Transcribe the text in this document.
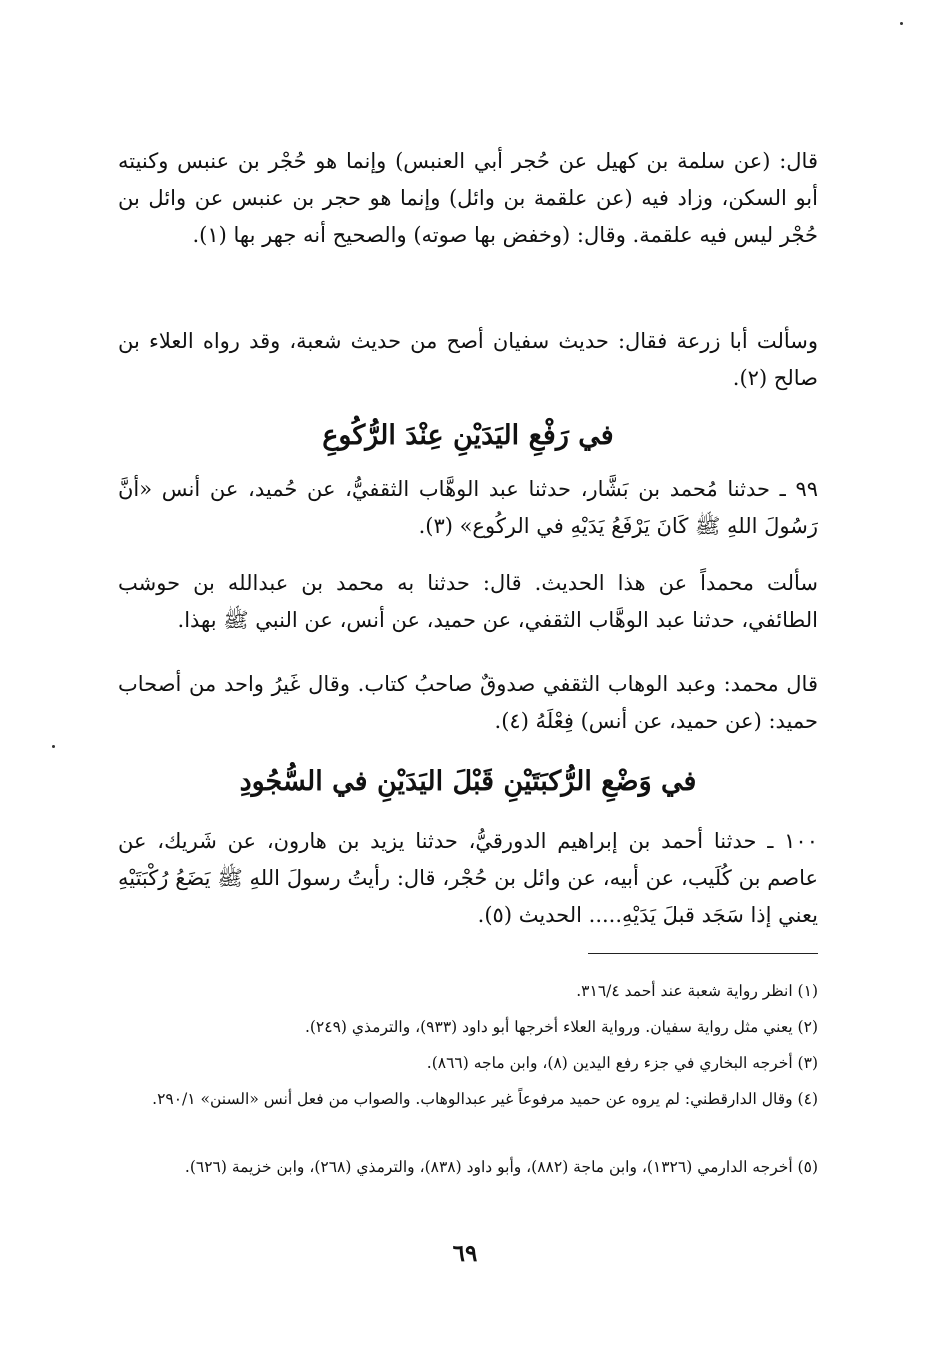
قال: (عن سلمة بن كهيل عن حُجر أبي العنبس) وإنما هو حُجْر بن عنبس وكنيته أبو السكن، وزاد فيه (عن علقمة بن وائل) وإنما هو حجر بن عنبس عن وائل بن حُجْر ليس فيه علقمة. وقال: (وخفض بها صوته) والصحيح أنه جهر بها (١).

وسألت أبا زرعة فقال: حديث سفيان أصح من حديث شعبة، وقد رواه العلاء بن صالح (٢).

في رَفْعِ اليَدَيْنِ عِنْدَ الرُّكُوعِ

٩٩ ـ حدثنا مُحمد بن بَشَّار، حدثنا عبد الوهَّاب الثقفيُّ، عن حُميد، عن أنس «أنَّ رَسُولَ اللهِ ﷺ كَانَ يَرْفَعُ يَدَيْهِ في الركُوع» (٣).

سألت محمداً عن هذا الحديث. قال: حدثنا به محمد بن عبدالله بن حوشب الطائفي، حدثنا عبد الوهَّاب الثقفي، عن حميد، عن أنس، عن النبي ﷺ بهذا.

قال محمد: وعبد الوهاب الثقفي صدوقٌ صاحبُ كتاب. وقال غَيرُ واحد من أصحاب حميد: (عن حميد، عن أنس) فِعْلَهُ (٤).

في وَضْعِ الرُّكبَتَيْنِ قَبْلَ اليَدَيْنِ في السُّجُودِ

١٠٠ ـ حدثنا أحمد بن إبراهيم الدورقيُّ، حدثنا يزيد بن هارون، عن شَريك، عن عاصم بن كُلَيب، عن أبيه، عن وائل بن حُجْر، قال: رأيتُ رسولَ اللهِ ﷺ يَضَعُ رُكْبَتَيْهِ يعني إذا سَجَد قبلَ يَدَيْهِ..... الحديث (٥).

(١) انظر رواية شعبة عند أحمد ٣١٦/٤.
(٢) يعني مثل رواية سفيان. ورواية العلاء أخرجها أبو داود (٩٣٣)، والترمذي (٢٤٩).
(٣) أخرجه البخاري في جزء رفع اليدين (٨)، وابن ماجه (٨٦٦).
(٤) وقال الدارقطني: لم يروه عن حميد مرفوعاً غير عبدالوهاب. والصواب من فعل أنس «السنن» ٢٩٠/١.
(٥) أخرجه الدارمي (١٣٢٦)، وابن ماجة (٨٨٢)، وأبو داود (٨٣٨)، والترمذي (٢٦٨)، وابن خزيمة (٦٢٦).
٦٩
